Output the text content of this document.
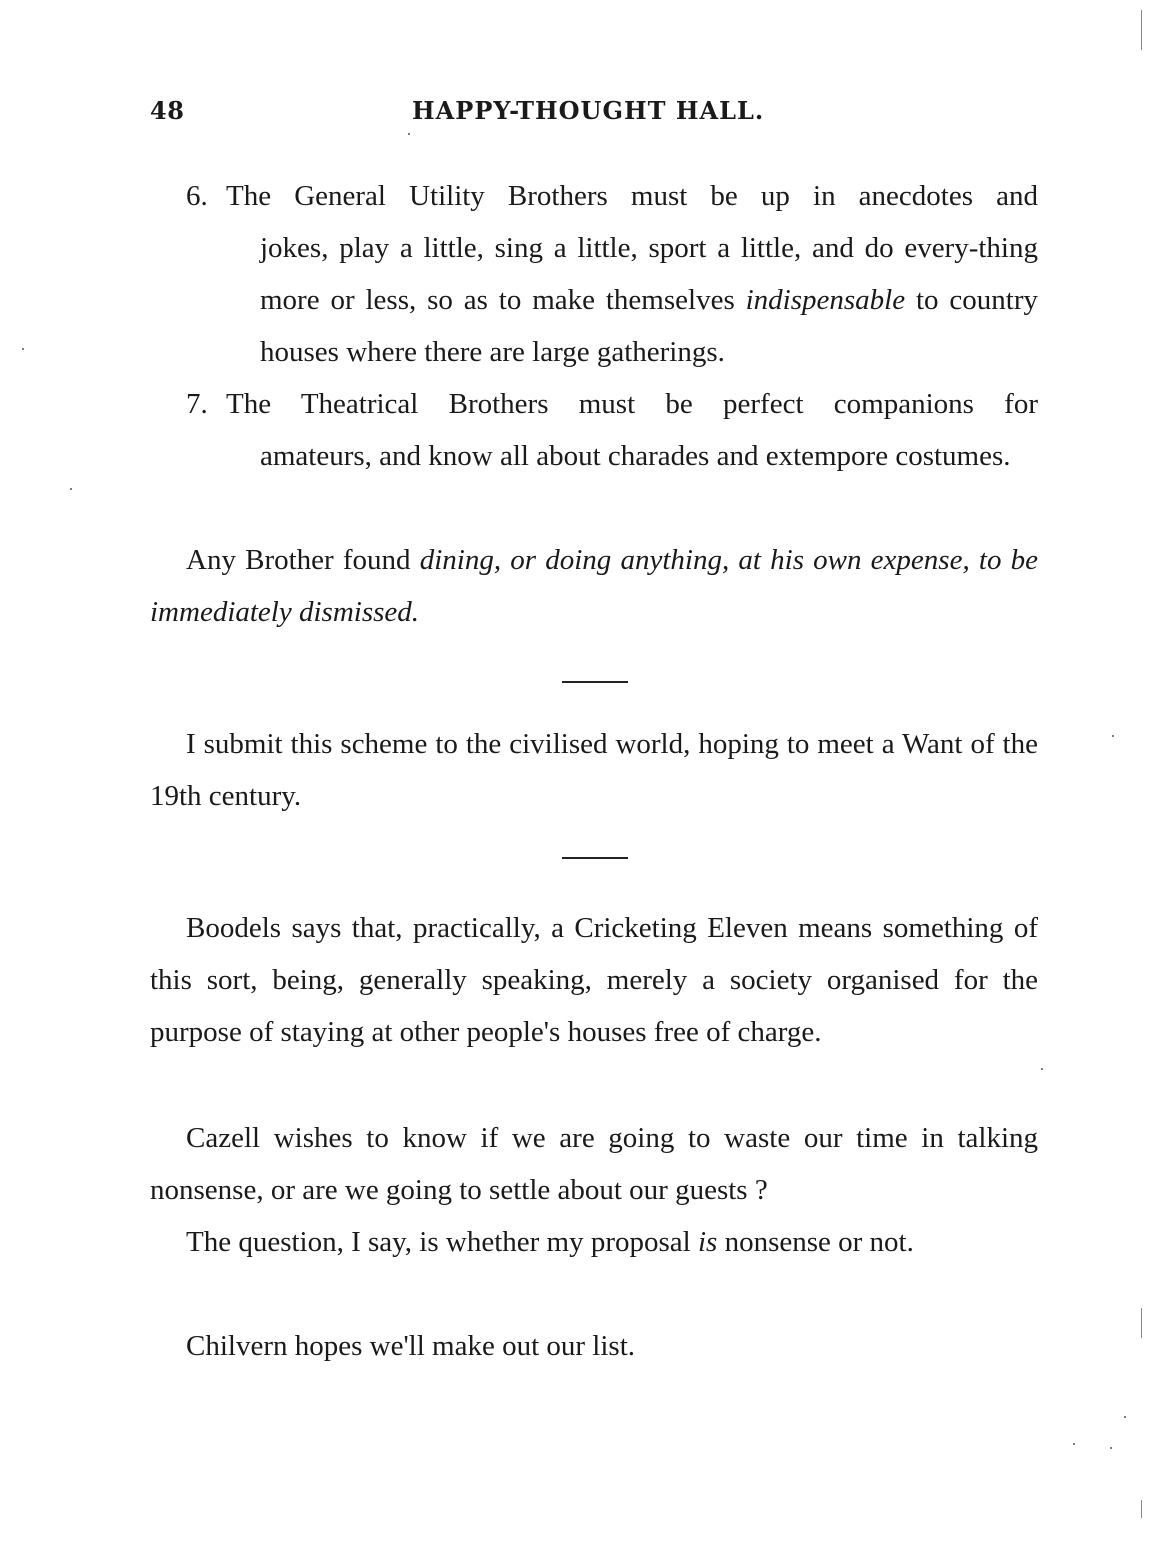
48	HAPPY-THOUGHT HALL.
6. The General Utility Brothers must be up in anecdotes and
jokes, play a little, sing a little, sport a little, and do every-thing more or less, so as to make themselves indispensable to country houses where there are large gatherings.
7. The Theatrical Brothers must be perfect companions for
amateurs, and know all about charades and extempore costumes.
Any Brother found dining, or doing anything, at his own expense, to be immediately dismissed.
I submit this scheme to the civilised world, hoping to meet a Want of the 19th century.
Boodels says that, practically, a Cricketing Eleven means something of this sort, being, generally speaking, merely a society organised for the purpose of staying at other people's houses free of charge.
Cazell wishes to know if we are going to waste our time in talking nonsense, or are we going to settle about our guests ?
The question, I say, is whether my proposal is nonsense or not.
Chilvern hopes we'll make out our list.
